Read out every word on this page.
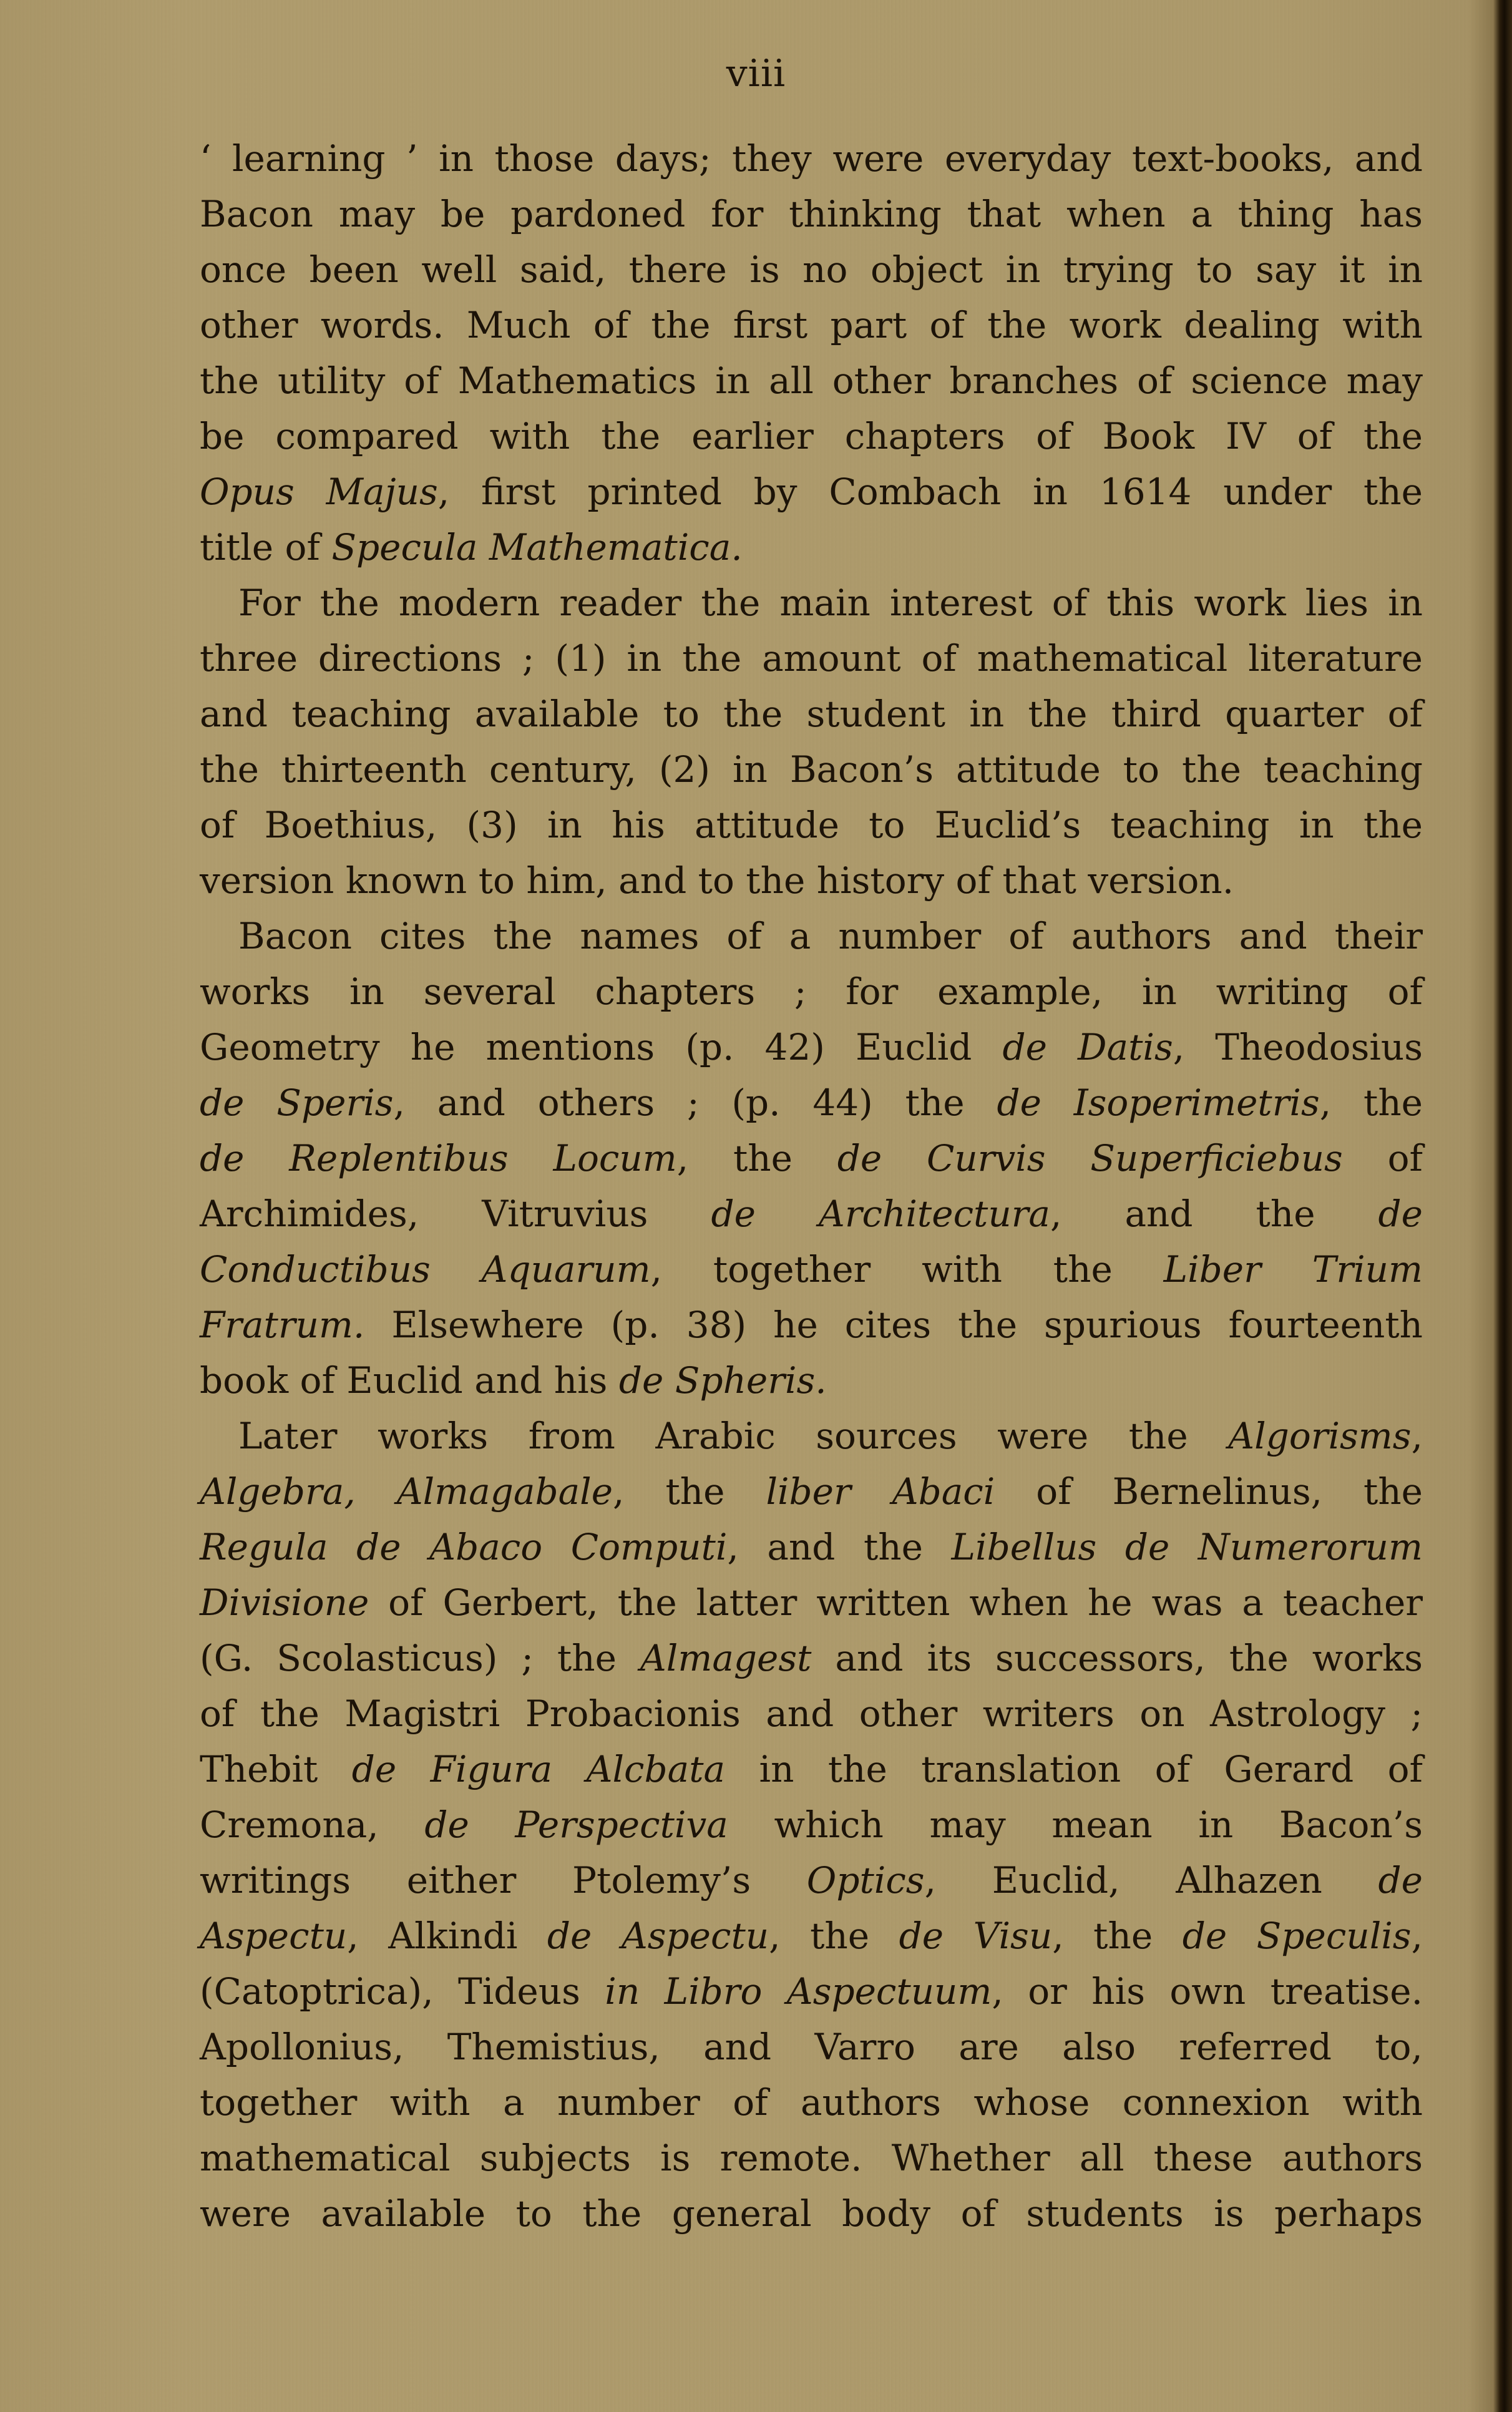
viii
‘ learning ’ in those days; they were everyday text-books, and
Bacon may be pardoned for thinking that when a thing has
once been well said, there is no object in trying to say it in
other words. Much of the first part of the work dealing with
the utility of Mathematics in all other branches of science may
be compared with the earlier chapters of Book IV of the
Opus Majus, first printed by Combach in 1614 under the
title of Specula Mathematica.
For the modern reader the main interest of this work lies in
three directions ; (1) in the amount of mathematical literature
and teaching available to the student in the third quarter of
the thirteenth century, (2) in Bacon’s attitude to the teaching
of Boethius, (3) in his attitude to Euclid’s teaching in the
version known to him, and to the history of that version.
Bacon cites the names of a number of authors and their
works in several chapters ; for example, in writing of
Geometry he mentions (p. 42) Euclid de Datis, Theodosius
de Speris, and others ; (p. 44) the de Isoperimetris, the
de Replentibus Locum, the de Curvis Superficiebus of
Archimides, Vitruvius de Architectura, and the de
Conductibus Aquarum, together with the Liber Trium
Fratrum. Elsewhere (p. 38) he cites the spurious fourteenth
book of Euclid and his de Spheris.
Later works from Arabic sources were the Algorisms,
Algebra, Almagabale, the liber Abaci of Bernelinus, the
Regula de Abaco Computi, and the Libellus de Numerorum
Divisione of Gerbert, the latter written when he was a teacher
(G. Scolasticus) ; the Almagest and its successors, the works
of the Magistri Probacionis and other writers on Astrology ;
Thebit de Figura Alcbata in the translation of Gerard of
Cremona, de Perspectiva which may mean in Bacon’s
writings either Ptolemy’s Optics, Euclid, Alhazen de
Aspectu, Alkindi de Aspectu, the de Visu, the de Speculis,
(Catoptrica), Tideus in Libro Aspectuum, or his own treatise.
Apollonius, Themistius, and Varro are also referred to,
together with a number of authors whose connexion with
mathematical subjects is remote. Whether all these authors
were available to the general body of students is perhaps
